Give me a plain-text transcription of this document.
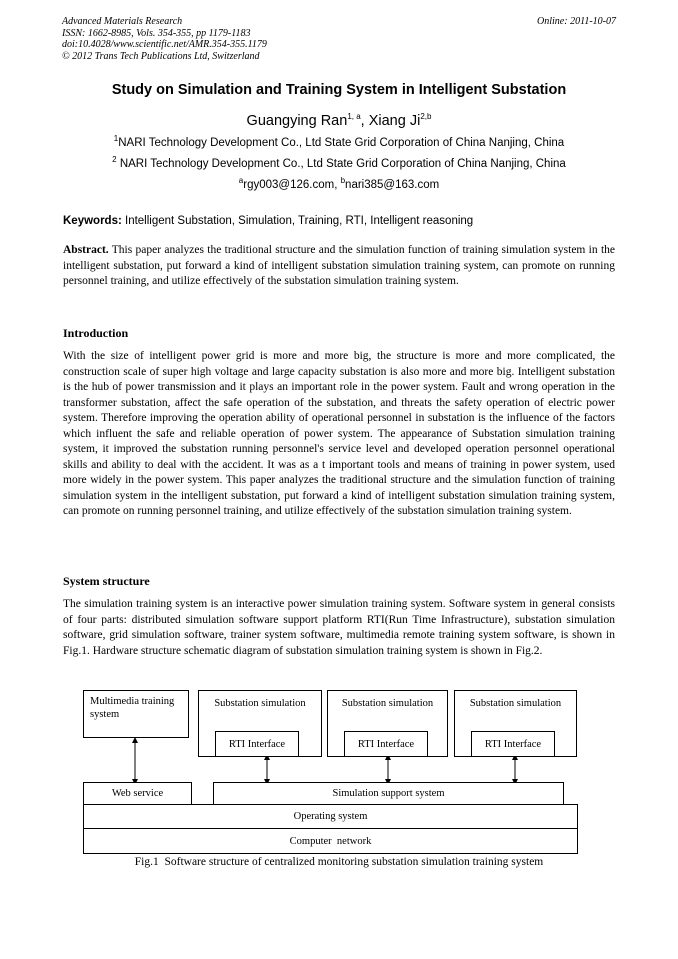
Advanced Materials Research
ISSN: 1662-8985, Vols. 354-355, pp 1179-1183
doi:10.4028/www.scientific.net/AMR.354-355.1179
© 2012 Trans Tech Publications Ltd, Switzerland
Online: 2011-10-07
Study on Simulation and Training System in Intelligent Substation
Guangying Ran$^{1, a}$, Xiang Ji$^{2,b}$
$^1$NARI Technology Development Co., Ltd State Grid Corporation of China Nanjing, China
$^2$ NARI Technology Development Co., Ltd State Grid Corporation of China Nanjing, China
$^a$rgy003@126.com, $^b$nari385@163.com
Keywords: Intelligent Substation, Simulation, Training, RTI, Intelligent reasoning
Abstract. This paper analyzes the traditional structure and the simulation function of training simulation system in the intelligent substation, put forward a kind of intelligent substation simulation training system, can promote on running personnel training, and utilize effectively of the substation simulation training system.
Introduction
With the size of intelligent power grid is more and more big, the structure is more and more complicated, the construction scale of super high voltage and large capacity substation is also more and more big. Intelligent substation is the hub of power transmission and it plays an important role in the power system. Fault and wrong operation in the transformer substation, affect the safe operation of the substation, and threats the safety operation of electric power system. Therefore improving the operation ability of operational personnel in substation is the influence of the factors which influent the safe and reliable operation of power system. The appearance of Substation simulation training system, it improved the substation running personnel's service level and developed operation personnel operational skills and ability to deal with the accident. It was as a t important tools and means of training in power system, used more widely in the power system. This paper analyzes the traditional structure and the simulation function of training simulation system in the intelligent substation, put forward a kind of intelligent substation simulation training system, can promote on running personnel training, and utilize effectively of the substation simulation training system.
System structure
The simulation training system is an interactive power simulation training system. Software system in general consists of four parts: distributed simulation software support platform RTI(Run Time Infrastructure), substation simulation software, grid simulation software, trainer system software, multimedia remote training system software, is shown in Fig.1. Hardware structure schematic diagram of substation simulation training system is shown in Fig.2.
Multimedia training system
Substation simulation
RTI Interface
Substation simulation
RTI Interface
Substation simulation
RTI Interface
Web service	Simulation support system
Operating system
Computer  network
Fig.1  Software structure of centralized monitoring substation simulation training system
